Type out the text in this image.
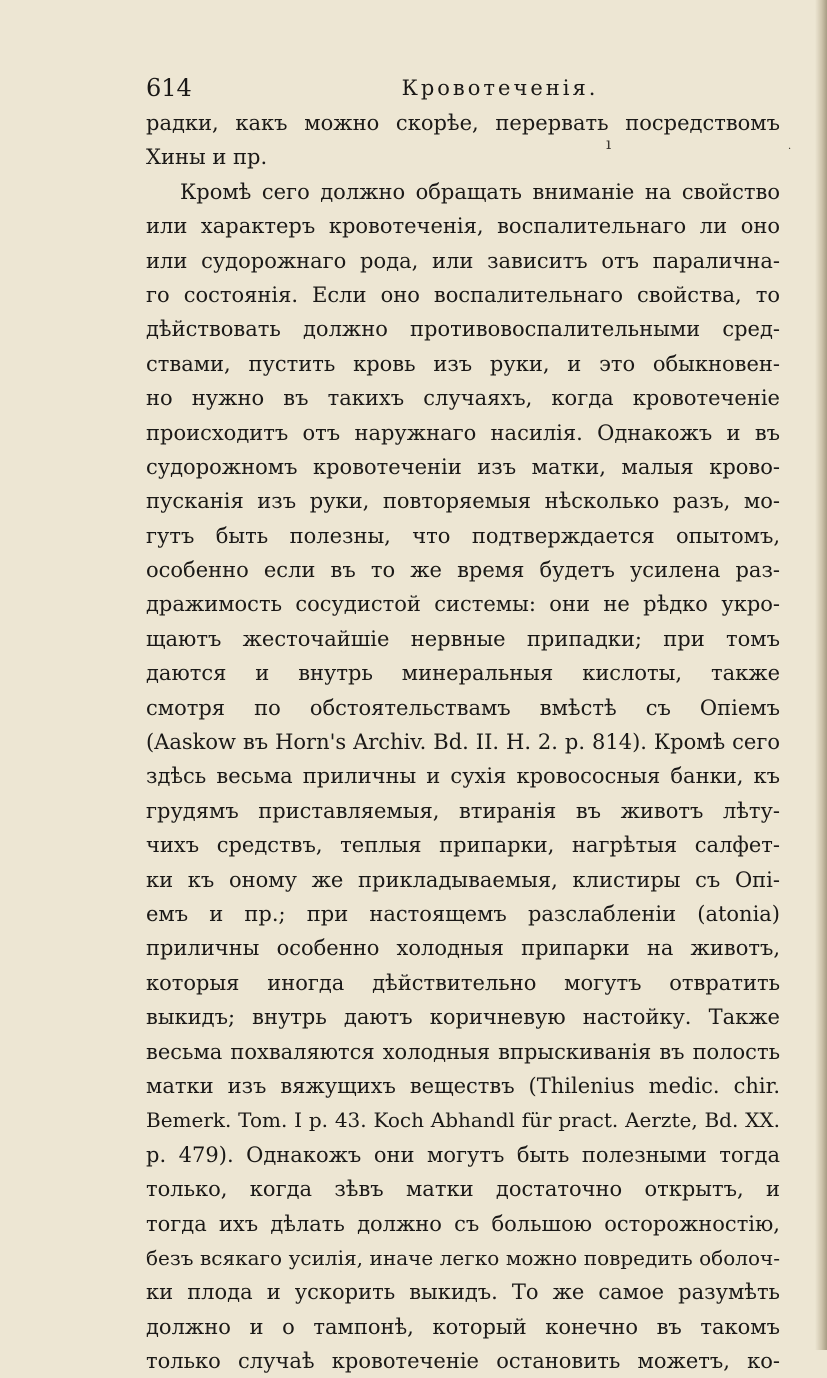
614	Кровотеченія.
радки, какъ можно скорѣе, перервать посредствомъ
Хины и пр.
Кромѣ сего должно обращать вниманіе на свойство
или характеръ кровотеченія, воспалительнаго ли оно
или судорожнаго рода, или зависитъ отъ паралична-
го состоянія. Если оно воспалительнаго свойства, то
дѣйствовать должно противовоспалительными сред-
ствами, пустить кровь изъ руки, и это обыкновен-
но нужно въ такихъ случаяхъ, когда кровотеченіе
происходитъ отъ наружнаго насилія. Однакожъ и въ
судорожномъ кровотеченіи изъ матки, малыя крово-
пусканія изъ руки, повторяемыя нѣсколько разъ, мо-
гутъ быть полезны, что подтверждается опытомъ,
особенно если въ то же время будетъ усилена раз-
дражимость сосудистой системы: они не рѣдко укро-
щаютъ жесточайшіе нервные припадки; при томъ
даются и внутрь минеральныя кислоты, также
смотря по обстоятельствамъ вмѣстѣ съ Опіемъ
(Aaskow въ Horn's Archiv. Bd. II. H. 2. p. 814). Кромѣ сего
здѣсь весьма приличны и сухія кровососныя банки, къ
грудямъ приставляемыя, втиранія въ животъ лѣту-
чихъ средствъ, теплыя припарки, нагрѣтыя салфет-
ки къ оному же прикладываемыя, клистиры съ Опі-
емъ и пр.; при настоящемъ разслабленіи (atonia)
приличны особенно холодныя припарки на животъ,
которыя иногда дѣйствительно могутъ отвратить
выкидъ; внутрь даютъ коричневую настойку. Также
весьма похваляются холодныя впрыскиванія въ полость
матки изъ вяжущихъ веществъ (Thilenius medic. chir.
Bemerk. Tom. I p. 43. Koch Abhandl für pract. Aerzte, Bd. XX.
p. 479). Однакожъ они могутъ быть полезными тогда
только, когда зѣвъ матки достаточно открытъ, и
тогда ихъ дѣлать должно съ большою осторожностію,
безъ всякаго усилія, иначе легко можно повредить оболоч-
ки плода и ускорить выкидъ. То же самое разумѣть
должно и о тампонѣ, который конечно въ такомъ
только случаѣ кровотеченіе остановить можетъ, ко-
ı	·
